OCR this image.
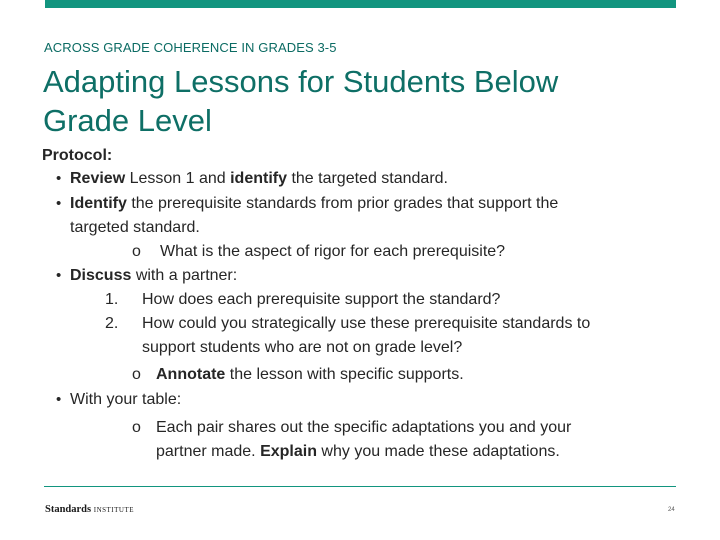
ACROSS GRADE COHERENCE IN GRADES 3-5
Adapting Lessons for Students Below
Grade Level
Protocol:
• Review Lesson 1 and identify the targeted standard.
• Identify the prerequisite standards from prior grades that support the
targeted standard.
o What is the aspect of rigor for each prerequisite?
• Discuss with a partner:
1. How does each prerequisite support the standard?
2. How could you strategically use these prerequisite standards to
support students who are not on grade level?
o Annotate the lesson with specific supports.
• With your table:
o Each pair shares out the specific adaptations you and your
partner made. Explain why you made these adaptations.
Standards INSTITUTE	24
